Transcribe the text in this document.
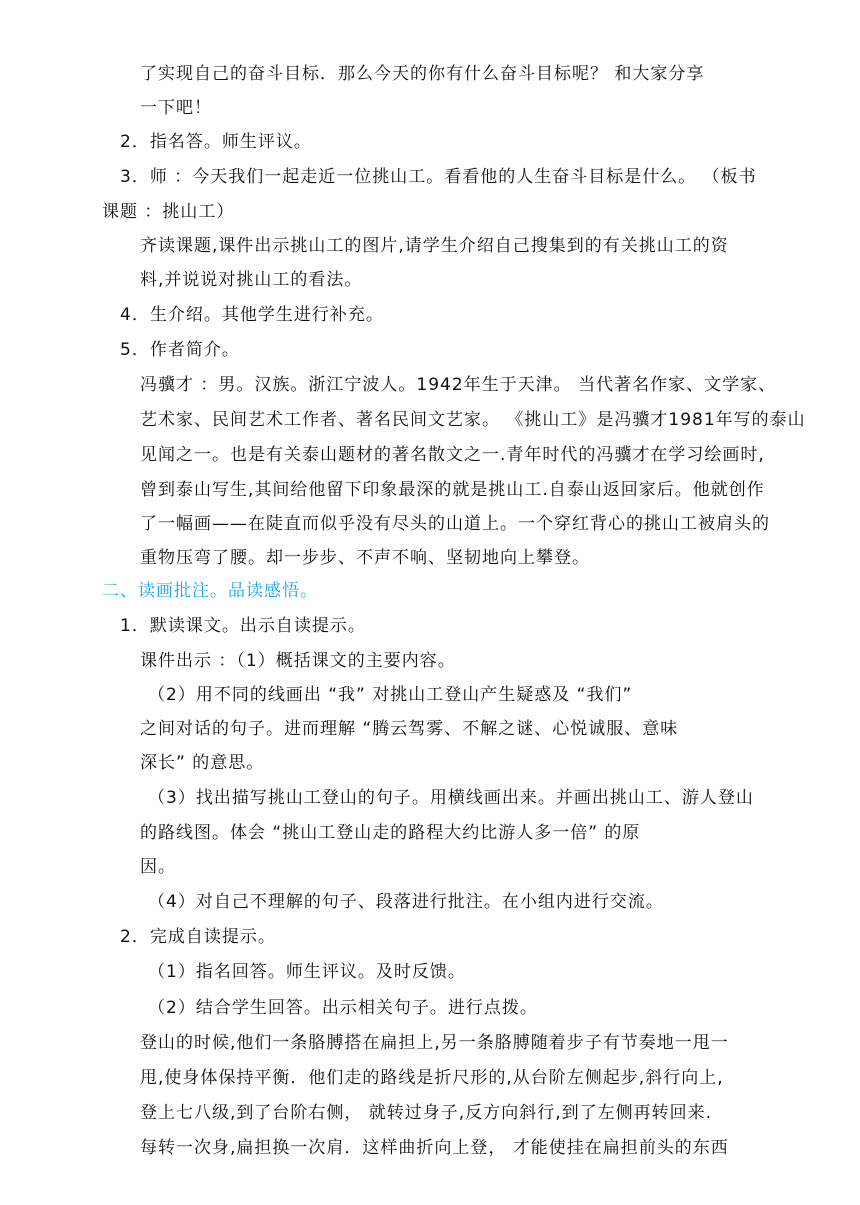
了实现自己的奋斗目标．那么今天的你有什么奋斗目标呢？ 和大家分享
一下吧！
2．指名答。师生评议。
3．师 ：今天我们一起走近一位挑山工。看看他的人生奋斗目标是什么。 （板书
课题 ：挑山工）
齐读课题,课件出示挑山工的图片,请学生介绍自己搜集到的有关挑山工的资
料,并说说对挑山工的看法。
4．生介绍。其他学生进行补充。
5．作者简介。
冯骥才 ：男。汉族。浙江宁波人。1942年生于天津。 当代著名作家、文学家、
艺术家、民间艺术工作者、著名民间文艺家。 《挑山工》是冯骥才1981年写的泰山
见闻之一。也是有关泰山题材的著名散文之一.青年时代的冯骥才在学习绘画时,
曾到泰山写生,其间给他留下印象最深的就是挑山工.自泰山返回家后。他就创作
了一幅画——在陡直而似乎没有尽头的山道上。一个穿红背心的挑山工被肩头的
重物压弯了腰。却一步步、不声不响、坚韧地向上攀登。
二、读画批注。品读感悟。
1．默读课文。出示自读提示。
课件出示 ：（1）概括课文的主要内容。
（2）用不同的线画出 “我” 对挑山工登山产生疑惑及 “我们”
之间对话的句子。进而理解 “腾云驾雾、不解之谜、心悦诚服、意味
深长” 的意思。
（3）找出描写挑山工登山的句子。用横线画出来。并画出挑山工、游人登山
的路线图。体会 “挑山工登山走的路程大约比游人多一倍” 的原
因。
（4）对自己不理解的句子、段落进行批注。在小组内进行交流。
2．完成自读提示。
（1）指名回答。师生评议。及时反馈。
（2）结合学生回答。出示相关句子。进行点拨。
登山的时候,他们一条胳膊搭在扁担上,另一条胳膊随着步子有节奏地一甩一
甩,使身体保持平衡．他们走的路线是折尺形的,从台阶左侧起步,斜行向上,
登上七八级,到了台阶右侧， 就转过身子,反方向斜行,到了左侧再转回来.
每转一次身,扁担换一次肩．这样曲折向上登， 才能使挂在扁担前头的东西
